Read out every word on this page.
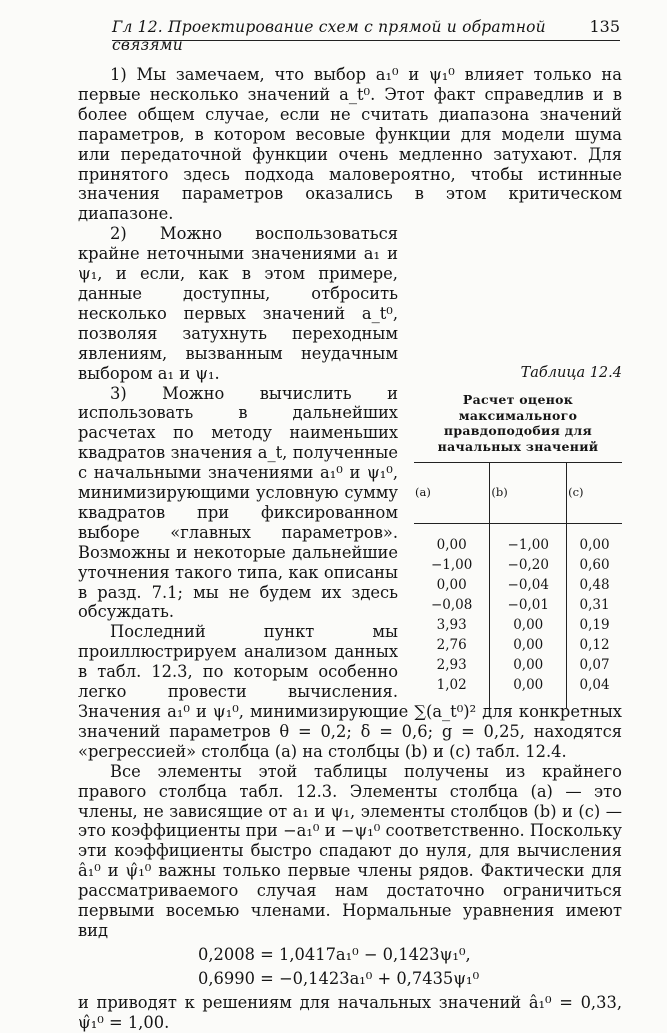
Гл 12. Проектирование схем с прямой и обратной связями
135

1) Мы замечаем, что выбор a₁⁰ и ψ₁⁰ влияет только на первые несколько значений a_t⁰. Этот факт справедлив и в более общем случае, если не считать диапазона значений параметров, в котором весовые функции для модели шума или передаточной функции очень медленно затухают. Для принятого здесь подхода маловероятно, чтобы истинные значения параметров оказались в этом критическом диапазоне.

Таблица 12.4
Расчет оценок максимального правдоподобия для начальных значений
(a)	(b)	(c)
0,00	−1,00	0,00
−1,00	−0,20	0,60
0,00	−0,04	0,48
−0,08	−0,01	0,31
3,93	0,00	0,19
2,76	0,00	0,12
2,93	0,00	0,07
1,02	0,00	0,04

2) Можно воспользоваться крайне неточными значениями a₁ и ψ₁, и если, как в этом примере, данные доступны, отбросить несколько первых значений a_t⁰, позволяя затухнуть переходным явлениям, вызванным неудачным выбором a₁ и ψ₁.

3) Можно вычислить и использовать в дальнейших расчетах по методу наименьших квадратов значения a_t, полученные с начальными значениями a₁⁰ и ψ₁⁰, минимизирующими условную сумму квадратов при фиксированном выборе «главных параметров». Возможны и некоторые дальнейшие уточнения такого типа, как описаны в разд. 7.1; мы не будем их здесь обсуждать.

Последний пункт мы проиллюстрируем анализом данных в табл. 12.3, по которым особенно легко провести вычисления. Значения a₁⁰ и ψ₁⁰, минимизирующие ∑(a_t⁰)² для конкретных значений параметров θ = 0,2; δ = 0,6; g = 0,25, находятся «регрессией» столбца (a) на столбцы (b) и (c) табл. 12.4.

Все элементы этой таблицы получены из крайнего правого столбца табл. 12.3. Элементы столбца (a) — это члены, не зависящие от a₁ и ψ₁, элементы столбцов (b) и (c) — это коэффициенты при −a₁⁰ и −ψ₁⁰ соответственно. Поскольку эти коэффициенты быстро спадают до нуля, для вычисления â₁⁰ и ψ̂₁⁰ важны только первые члены рядов. Фактически для рассматриваемого случая нам достаточно ограничиться первыми восемью членами. Нормальные уравнения имеют вид

0,2008 = 1,0417a₁⁰ − 0,1423ψ₁⁰,

0,6990 = −0,1423a₁⁰ + 0,7435ψ₁⁰

и приводят к решениям для начальных значений â₁⁰ = 0,33, ψ̂₁⁰ = 1,00.
